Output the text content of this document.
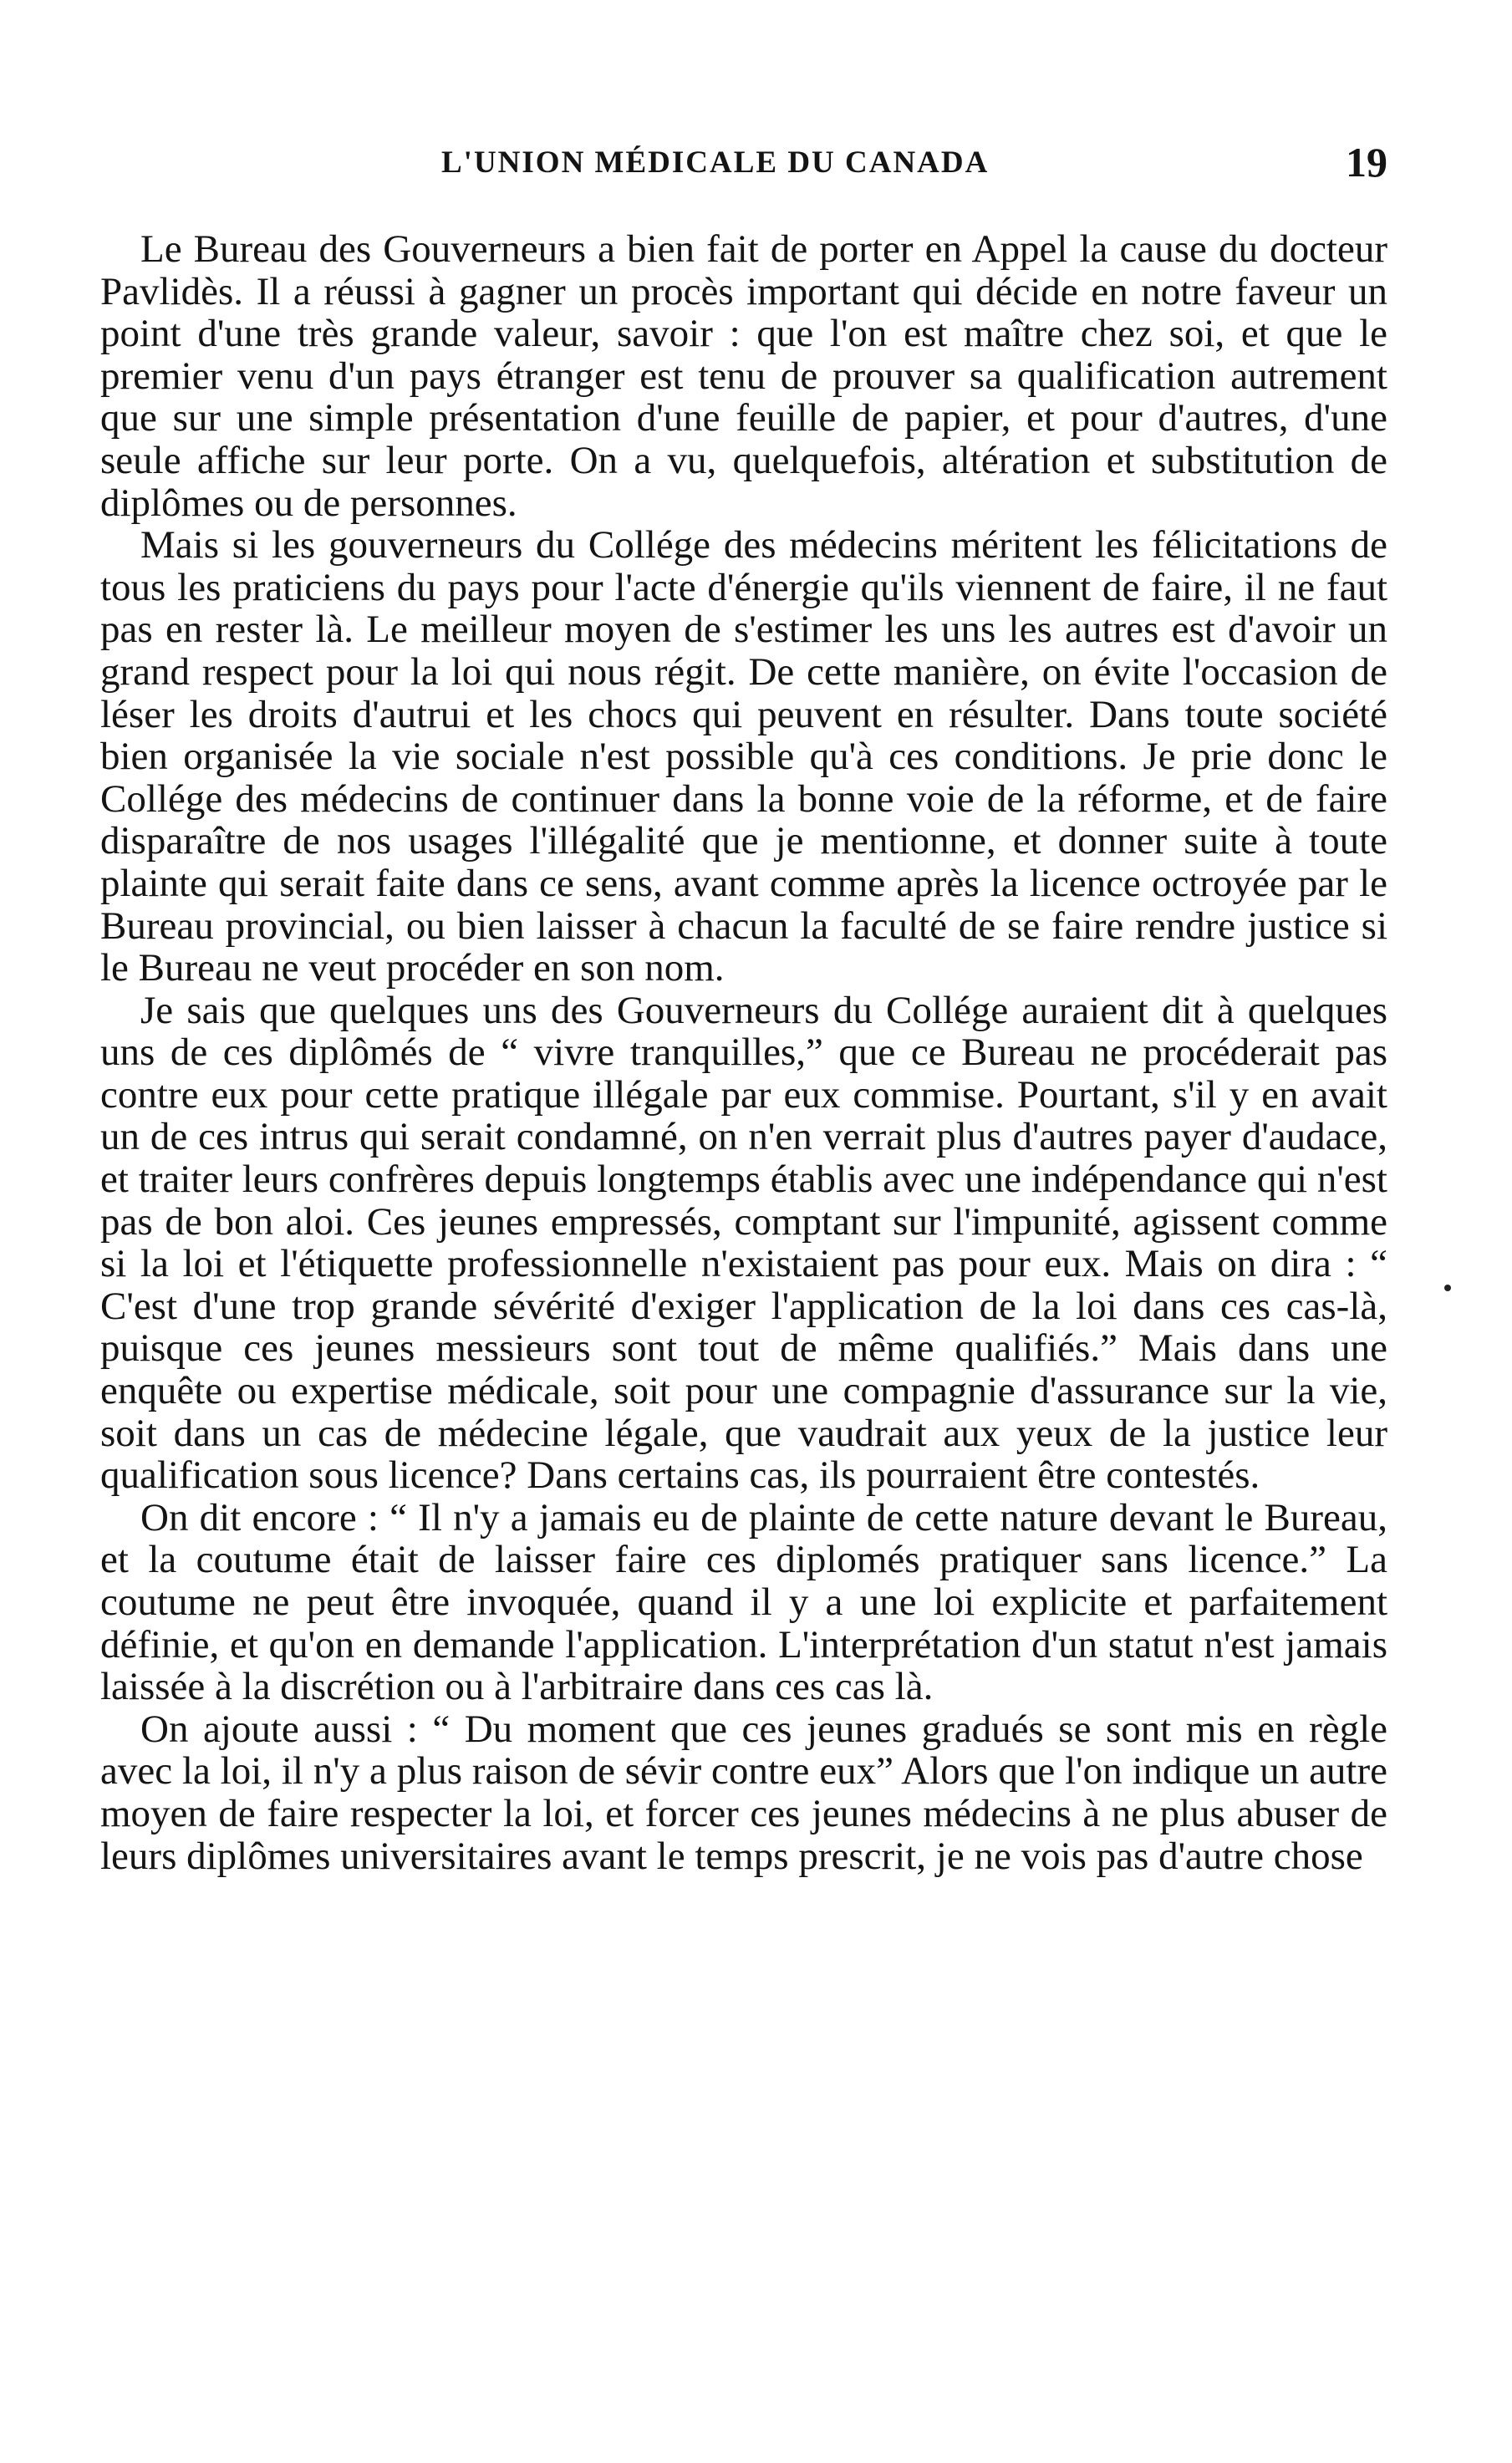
L'UNION MÉDICALE DU CANADA	19

Le Bureau des Gouverneurs a bien fait de porter en Appel la cause du docteur Pavlidès. Il a réussi à gagner un procès important qui décide en notre faveur un point d'une très grande valeur, savoir : que l'on est maître chez soi, et que le premier venu d'un pays étranger est tenu de prouver sa qualification autrement que sur une simple présentation d'une feuille de papier, et pour d'autres, d'une seule affiche sur leur porte. On a vu, quelquefois, altération et substitution de diplômes ou de personnes.

Mais si les gouverneurs du Collége des médecins méritent les félicitations de tous les praticiens du pays pour l'acte d'énergie qu'ils viennent de faire, il ne faut pas en rester là. Le meilleur moyen de s'estimer les uns les autres est d'avoir un grand respect pour la loi qui nous régit. De cette manière, on évite l'occasion de léser les droits d'autrui et les chocs qui peuvent en résulter. Dans toute société bien organisée la vie sociale n'est possible qu'à ces conditions. Je prie donc le Collége des médecins de continuer dans la bonne voie de la réforme, et de faire disparaître de nos usages l'illégalité que je mentionne, et donner suite à toute plainte qui serait faite dans ce sens, avant comme après la licence octroyée par le Bureau provincial, ou bien laisser à chacun la faculté de se faire rendre justice si le Bureau ne veut procéder en son nom.

Je sais que quelques uns des Gouverneurs du Collége auraient dit à quelques uns de ces diplômés de “ vivre tranquilles,” que ce Bureau ne procéderait pas contre eux pour cette pratique illégale par eux commise. Pourtant, s'il y en avait un de ces intrus qui serait condamné, on n'en verrait plus d'autres payer d'audace, et traiter leurs confrères depuis longtemps établis avec une indépendance qui n'est pas de bon aloi. Ces jeunes empressés, comptant sur l'impunité, agissent comme si la loi et l'étiquette professionnelle n'existaient pas pour eux. Mais on dira : “ C'est d'une trop grande sévérité d'exiger l'application de la loi dans ces cas-là, puisque ces jeunes messieurs sont tout de même qualifiés.” Mais dans une enquête ou expertise médicale, soit pour une compagnie d'assurance sur la vie, soit dans un cas de médecine légale, que vaudrait aux yeux de la justice leur qualification sous licence? Dans certains cas, ils pourraient être contestés.

On dit encore : “ Il n'y a jamais eu de plainte de cette nature devant le Bureau, et la coutume était de laisser faire ces diplomés pratiquer sans licence.” La coutume ne peut être invoquée, quand il y a une loi explicite et parfaitement définie, et qu'on en demande l'application. L'interprétation d'un statut n'est jamais laissée à la discrétion ou à l'arbitraire dans ces cas là.

On ajoute aussi : “ Du moment que ces jeunes gradués se sont mis en règle avec la loi, il n'y a plus raison de sévir contre eux” Alors que l'on indique un autre moyen de faire respecter la loi, et forcer ces jeunes médecins à ne plus abuser de leurs diplômes universitaires avant le temps prescrit, je ne vois pas d'autre chose
